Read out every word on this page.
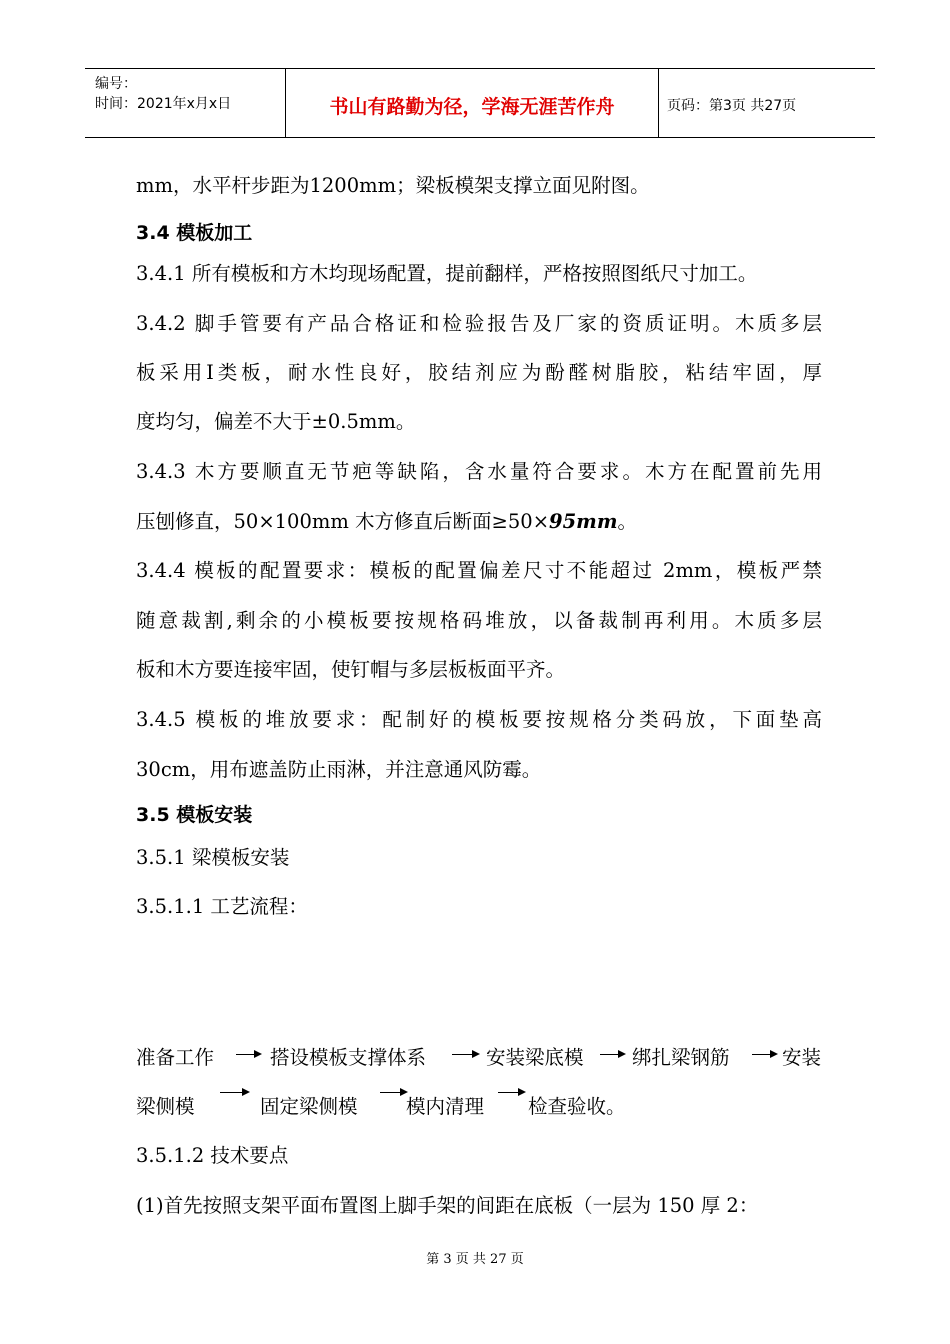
编号：
时间：2021年x月x日	书山有路勤为径，学海无涯苦作舟	页码：第3页 共27页
mm，水平杆步距为1200mm；梁板模架支撑立面见附图。
3.4 模板加工
3.4.1 所有模板和方木均现场配置，提前翻样，严格按照图纸尺寸加工。
3.4.2 脚手管要有产品合格证和检验报告及厂家的资质证明。木质多层
板采用Ⅰ类板，耐水性良好，胶结剂应为酚醛树脂胶，粘结牢固，厚
度均匀，偏差不大于±0.5mm。
3.4.3 木方要顺直无节疤等缺陷，含水量符合要求。木方在配置前先用
压刨修直，50×100mm 木方修直后断面≥50×95mm。
3.4.4 模板的配置要求：模板的配置偏差尺寸不能超过 2mm，模板严禁
随意裁割,剩余的小模板要按规格码堆放，以备裁制再利用。木质多层
板和木方要连接牢固，使钉帽与多层板板面平齐。
3.4.5 模板的堆放要求：配制好的模板要按规格分类码放，下面垫高
30cm，用布遮盖防止雨淋，并注意通风防霉。
3.5 模板安装
3.5.1 梁模板安装
3.5.1.1 工艺流程：
准备工作	搭设模板支撑体系	安装梁底模 绑扎梁钢筋	安装
梁侧模	固定梁侧模 模内清理 检查验收。
3.5.1.2 技术要点
(1)首先按照支架平面布置图上脚手架的间距在底板（一层为 150 厚 2：
第 3 页 共 27 页
